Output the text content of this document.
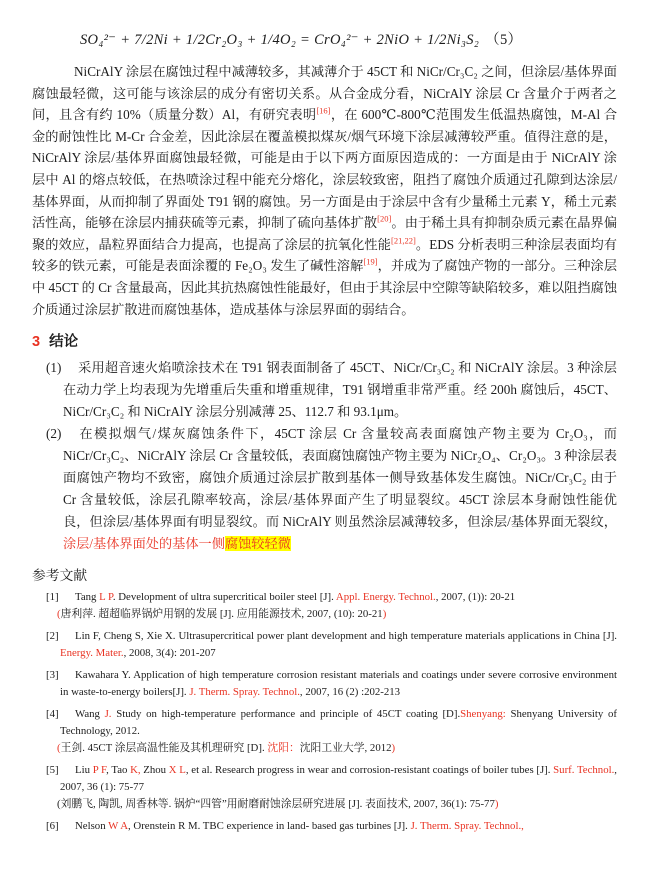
SO₄²⁻ + 7/2Ni + 1/2Cr₂O₃ + 1/4O₂ = CrO₄²⁻ + 2NiO + 1/2Ni₃S₂ （5）

NiCrAlY 涂层在腐蚀过程中减薄较多，其减薄介于 45CT 和 NiCr/Cr₃C₂ 之间，但涂层/基体界面腐蚀最轻微，这可能与该涂层的成分有密切关系。从合金成分看，NiCrAlY 涂层 Cr 含量介于两者之间，且含有约 10%（质量分数）Al，有研究表明[16]，在 600℃-800℃范围发生低温热腐蚀，M-Al 合金的耐蚀性比 M-Cr 合金差，因此涂层在覆盖模拟煤灰/烟气环境下涂层减薄较严重。值得注意的是，NiCrAlY 涂层/基体界面腐蚀最轻微，可能是由于以下两方面原因造成的：一方面是由于 NiCrAlY 涂层中 Al 的熔点较低，在热喷涂过程中能充分熔化，涂层较致密，阻挡了腐蚀介质通过孔隙到达涂层/基体界面，从而抑制了界面处 T91 钢的腐蚀。另一方面是由于涂层中含有少量稀土元素 Y，稀土元素活性高，能够在涂层内捕获硫等元素，抑制了硫向基体扩散[20]。由于稀土具有抑制杂质元素在晶界偏聚的效应，晶粒界面结合力提高，也提高了涂层的抗氧化性能[21,22]。EDS 分析表明三种涂层表面均有较多的铁元素，可能是表面涂覆的 Fe₂O₃ 发生了碱性溶解[19]，并成为了腐蚀产物的一部分。三种涂层中 45CT 的 Cr 含量最高，因此其抗热腐蚀性能最好，但由于其涂层中空隙等缺陷较多，难以阻挡腐蚀介质通过涂层扩散进而腐蚀基体，造成基体与涂层界面的弱结合。

3 结论
(1) 采用超音速火焰喷涂技术在 T91 钢表面制备了 45CT、NiCr/Cr₃C₂ 和 NiCrAlY 涂层。3 种涂层在动力学上均表现为先增重后失重和增重规律，T91 钢增重非常严重。经 200h 腐蚀后，45CT、NiCr/Cr₃C₂ 和 NiCrAlY 涂层分别减薄 25、112.7 和 93.1μm。
(2) 在模拟烟气/煤灰腐蚀条件下，45CT 涂层 Cr 含量较高表面腐蚀产物主要为 Cr₂O₃，而 NiCr/Cr₃C₂、NiCrAlY 涂层 Cr 含量较低，表面腐蚀腐蚀产物主要为 NiCr₂O₄、Cr₂O₃。3 种涂层表面腐蚀产物均不致密，腐蚀介质通过涂层扩散到基体一侧导致基体发生腐蚀。NiCr/Cr₃C₂ 由于 Cr 含量较低，涂层孔隙率较高，涂层/基体界面产生了明显裂纹。45CT 涂层本身耐蚀性能优良，但涂层/基体界面有明显裂纹。而 NiCrAlY 则虽然涂层减薄较多，但涂层/基体界面无裂纹，涂层/基体界面处的基体一侧腐蚀较轻微
参考文献
[1] Tang L P. Development of ultra supercritical boiler steel [J]. Appl. Energy. Technol., 2007, (1)): 20-21
(唐利萍. 超超临界锅炉用钢的发展 [J]. 应用能源技术, 2007, (10): 20-21)
[2] Lin F, Cheng S, Xie X. Ultrasupercritical power plant development and high temperature materials applications in China [J]. Energy. Mater., 2008, 3(4): 201-207
[3] Kawahara Y. Application of high temperature corrosion resistant materials and coatings under severe corrosive environment in waste-to-energy boilers[J]. J. Therm. Spray. Technol., 2007, 16 (2) :202-213
[4] Wang J. Study on high-temperature performance and principle of 45CT coating [D].Shenyang: Shenyang University of Technology, 2012.
(王剑. 45CT 涂层高温性能及其机理研究 [D]. 沈阳：沈阳工业大学, 2012)
[5] Liu P F, Tao K, Zhou X L, et al. Research progress in wear and corrosion-resistant coatings of boiler tubes [J]. Surf. Technol., 2007, 36 (1): 75-77
(刘鹏飞, 陶凯, 周香林等. 锅炉“四管”用耐磨耐蚀涂层研究进展 [J]. 表面技术, 2007, 36(1): 75-77)
[6] Nelson W A, Orenstein R M. TBC experience in land- based gas turbines [J]. J. Therm. Spray. Technol.,
